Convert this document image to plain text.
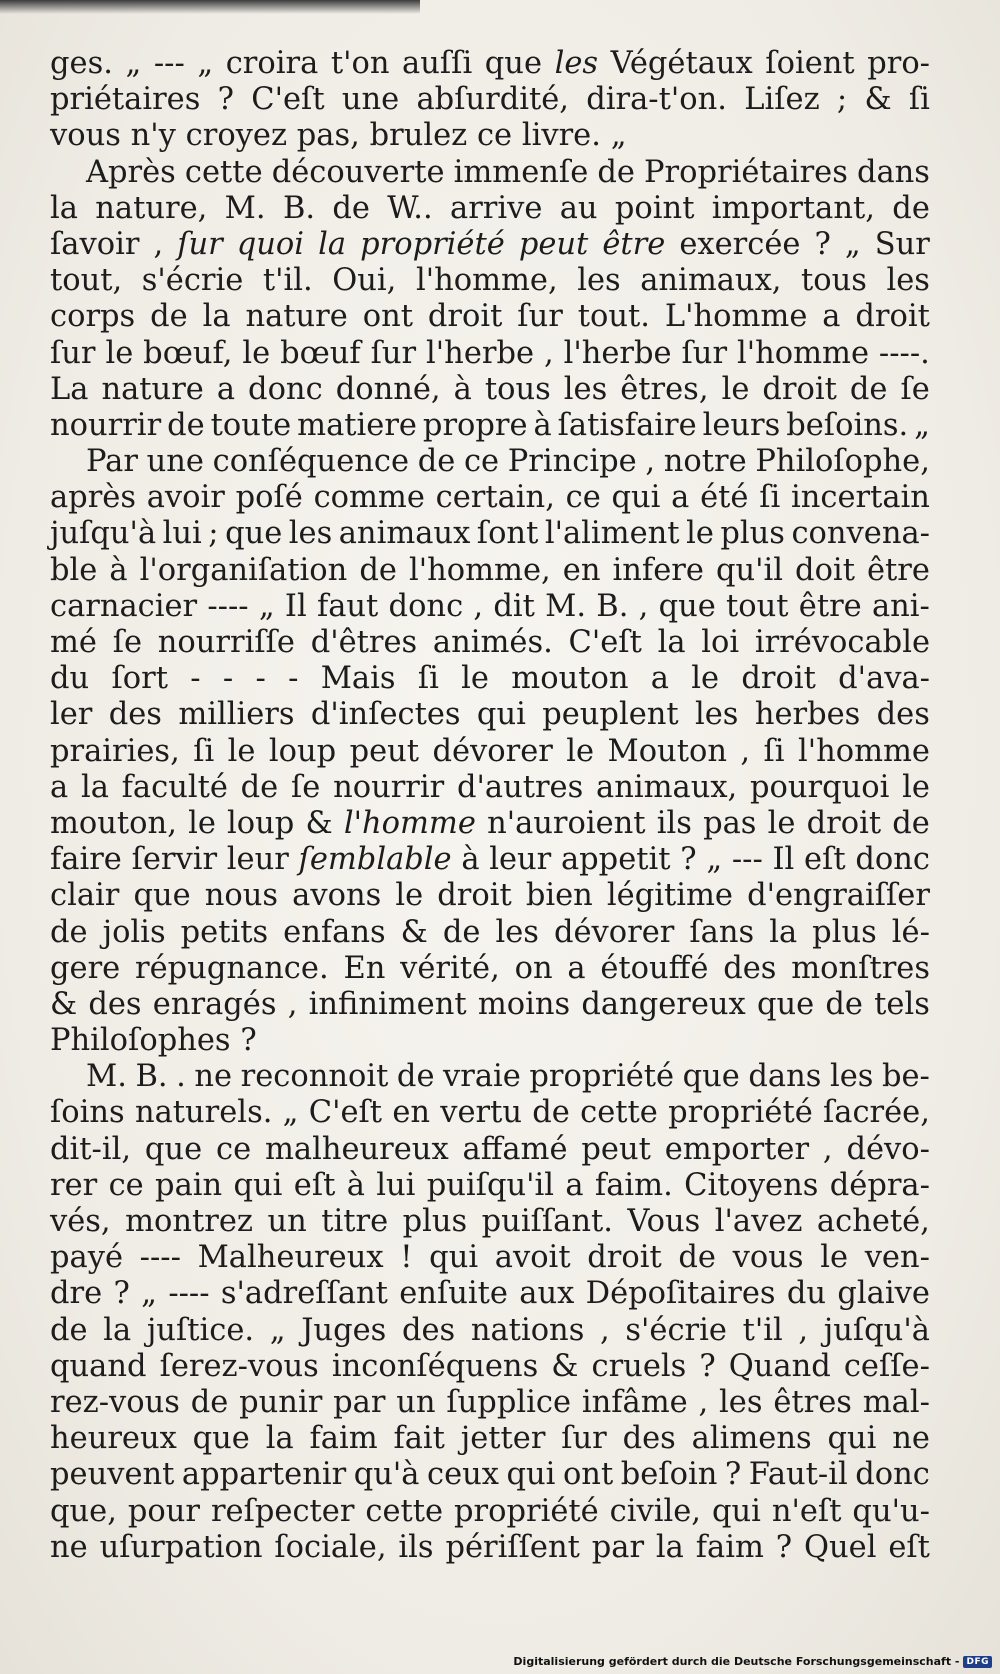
ges. „ --- „ croira t'on auſſi que les Végétaux ſoient pro-
priétaires ? C'eſt une abſurdité, dira-t'on. Liſez ; & ſi
vous n'y croyez pas, brulez ce livre. „
Après cette découverte immenſe de Propriétaires dans
la nature, M. B. de W.. arrive au point important, de
ſavoir , ſur quoi la propriété peut être exercée ? „ Sur
tout, s'écrie t'il. Oui, l'homme, les animaux, tous les
corps de la nature ont droit ſur tout. L'homme a droit
ſur le bœuf, le bœuf ſur l'herbe , l'herbe ſur l'homme ----.
La nature a donc donné, à tous les êtres, le droit de ſe
nourrir de toute matiere propre à ſatisfaire leurs beſoins. „
Par une conſéquence de ce Principe , notre Philoſophe,
après avoir poſé comme certain, ce qui a été ſi incertain
juſqu'à lui ; que les animaux ſont l'aliment le plus convena-
ble à l'organiſation de l'homme, en infere qu'il doit être
carnacier ---- „ Il faut donc , dit M. B. , que tout être ani-
mé ſe nourriſſe d'êtres animés. C'eſt la loi irrévocable
du ſort - - - - Mais ſi le mouton a le droit d'ava-
ler des milliers d'inſectes qui peuplent les herbes des
prairies, ſi le loup peut dévorer le Mouton , ſi l'homme
a la faculté de ſe nourrir d'autres animaux, pourquoi le
mouton, le loup & l'homme n'auroient ils pas le droit de
faire ſervir leur ſemblable à leur appetit ? „ --- Il eſt donc
clair que nous avons le droit bien légitime d'engraiſſer
de jolis petits enfans & de les dévorer ſans la plus lé-
gere répugnance. En vérité, on a étouffé des monſtres
& des enragés , infiniment moins dangereux que de tels
Philoſophes ?
M. B. . ne reconnoit de vraie propriété que dans les be-
ſoins naturels. „ C'eſt en vertu de cette propriété ſacrée,
dit-il, que ce malheureux affamé peut emporter , dévo-
rer ce pain qui eſt à lui puiſqu'il a faim. Citoyens dépra-
vés, montrez un titre plus puiſſant. Vous l'avez acheté,
payé ---- Malheureux ! qui avoit droit de vous le ven-
dre ? „ ---- s'adreſſant enſuite aux Dépoſitaires du glaive
de la juſtice. „ Juges des nations , s'écrie t'il , juſqu'à
quand ſerez-vous inconſéquens & cruels ? Quand ceſſe-
rez-vous de punir par un ſupplice infâme , les êtres mal-
heureux que la faim fait jetter ſur des alimens qui ne
peuvent appartenir qu'à ceux qui ont beſoin ? Faut-il donc
que, pour reſpecter cette propriété civile, qui n'eſt qu'u-
ne uſurpation ſociale, ils périſſent par la faim ? Quel eſt
Digitalisierung gefördert durch die Deutsche Forschungsgemeinschaft - DFG
